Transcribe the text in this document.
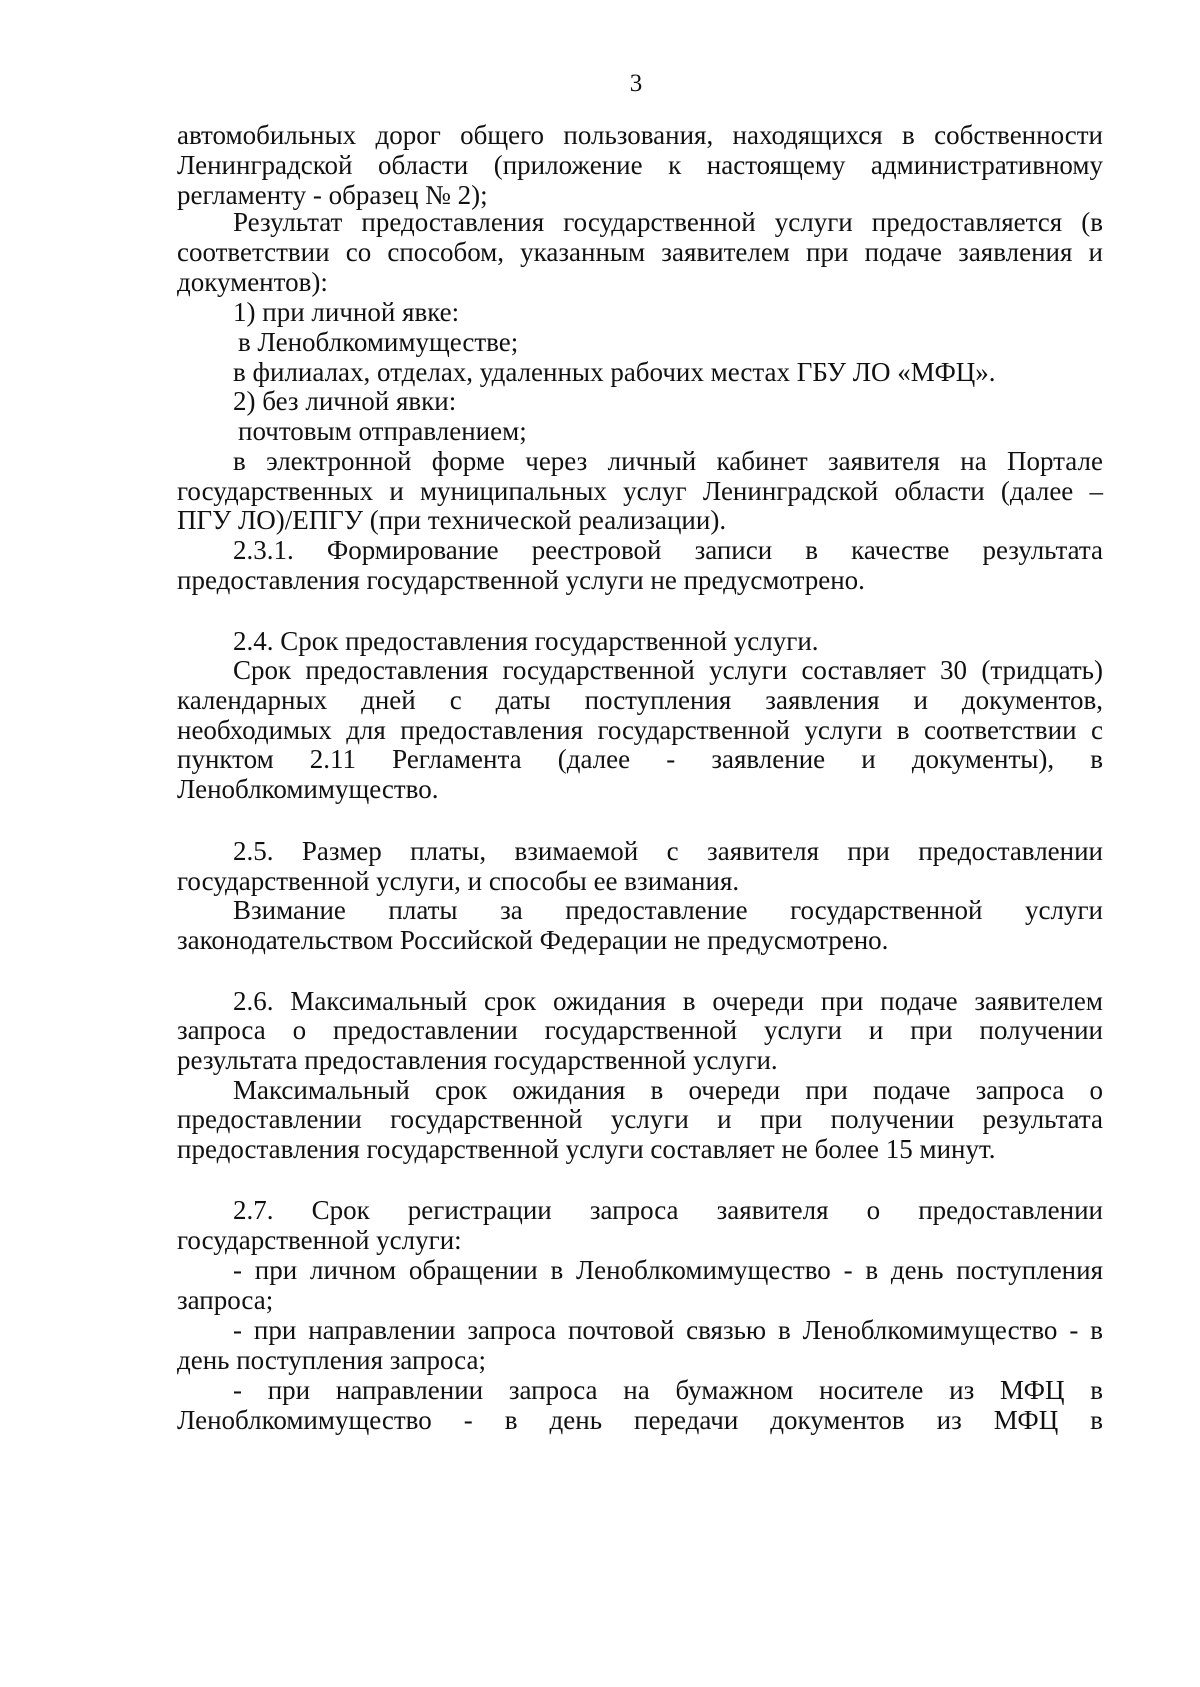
3
автомобильных дорог общего пользования, находящихся в собственности
Ленинградской области (приложение к настоящему административному
регламенту - образец № 2);
Результат предоставления государственной услуги предоставляется (в
соответствии со способом, указанным заявителем при подаче заявления и
документов):
1) при личной явке:
в Леноблкомимуществе;
в филиалах, отделах, удаленных рабочих местах ГБУ ЛО «МФЦ».
2) без личной явки:
почтовым отправлением;
в электронной форме через личный кабинет заявителя на Портале
государственных и муниципальных услуг Ленинградской области (далее –
ПГУ ЛО)/ЕПГУ (при технической реализации).
2.3.1. Формирование реестровой записи в качестве результата
предоставления государственной услуги не предусмотрено.
2.4. Срок предоставления государственной услуги.
Срок предоставления государственной услуги составляет 30 (тридцать)
календарных дней с даты поступления заявления и документов,
необходимых для предоставления государственной услуги в соответствии с
пунктом 2.11 Регламента (далее - заявление и документы), в
Леноблкомимущество.
2.5. Размер платы, взимаемой с заявителя при предоставлении
государственной услуги, и способы ее взимания.
Взимание платы за предоставление государственной услуги
законодательством Российской Федерации не предусмотрено.
2.6. Максимальный срок ожидания в очереди при подаче заявителем
запроса о предоставлении государственной услуги и при получении
результата предоставления государственной услуги.
Максимальный срок ожидания в очереди при подаче запроса о
предоставлении государственной услуги и при получении результата
предоставления государственной услуги составляет не более 15 минут.
2.7. Срок регистрации запроса заявителя о предоставлении
государственной услуги:
- при личном обращении в Леноблкомимущество - в день поступления
запроса;
- при направлении запроса почтовой связью в Леноблкомимущество - в
день поступления запроса;
- при направлении запроса на бумажном носителе из МФЦ в
Леноблкомимущество - в день передачи документов из МФЦ в
